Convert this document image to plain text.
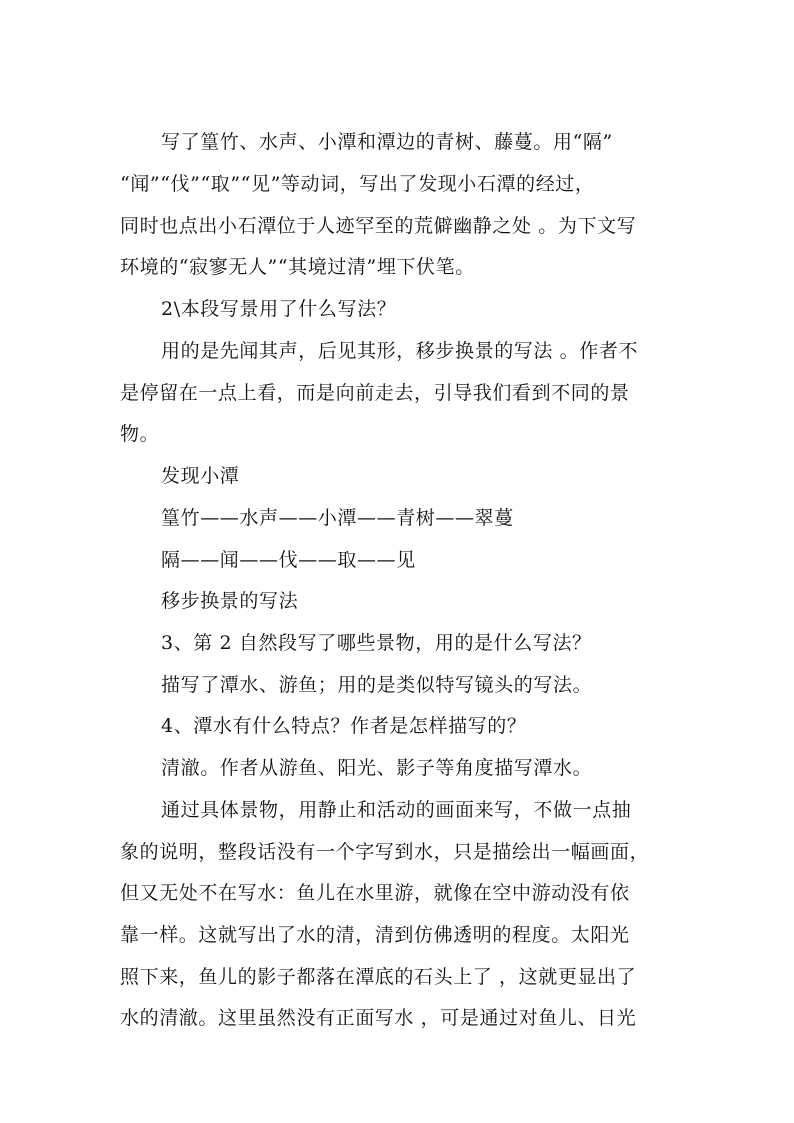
写了篁竹、水声、小潭和潭边的青树、藤蔓。用“隔”
“闻”“伐”“取”“见”等动词，写出了发现小石潭的经过，
同时也点出小石潭位于人迹罕至的荒僻幽静之处 。为下文写
环境的“寂寥无人”“其境过清”埋下伏笔。
2\本段写景用了什么写法？
用的是先闻其声，后见其形，移步换景的写法 。作者不
是停留在一点上看，而是向前走去，引导我们看到不同的景
物。
发现小潭
篁竹——水声——小潭——青树——翠蔓
隔——闻——伐——取——见
移步换景的写法
3、第 2 自然段写了哪些景物，用的是什么写法？
描写了潭水、游鱼；用的是类似特写镜头的写法。
4、潭水有什么特点？作者是怎样描写的？
清澈。作者从游鱼、阳光、影子等角度描写潭水。
通过具体景物，用静止和活动的画面来写，不做一点抽
象的说明，整段话没有一个字写到水，只是描绘出一幅画面，
但又无处不在写水：鱼儿在水里游，就像在空中游动没有依
靠一样。这就写出了水的清，清到仿佛透明的程度。太阳光
照下来，鱼儿的影子都落在潭底的石头上了 ，这就更显出了
水的清澈。这里虽然没有正面写水 ，可是通过对鱼儿、日光
